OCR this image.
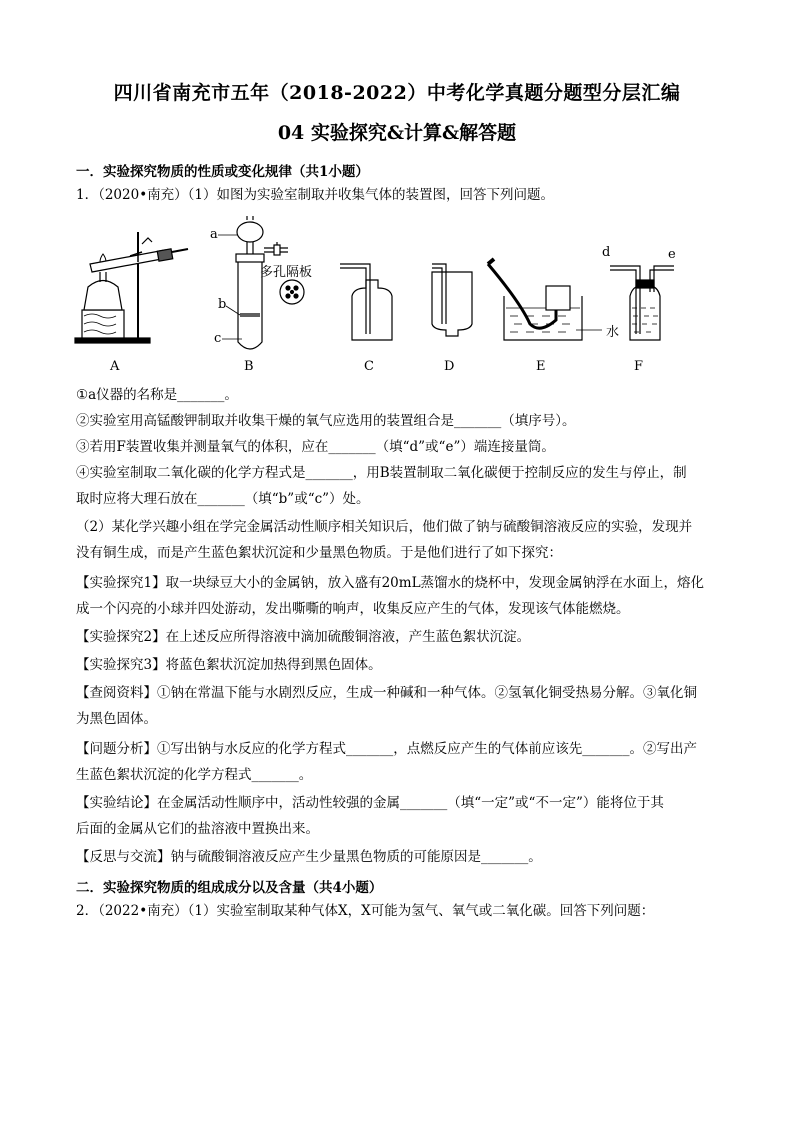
四川省南充市五年（2018-2022）中考化学真题分题型分层汇编
04 实验探究&计算&解答题
一．实验探究物质的性质或变化规律（共1小题）
1．（2020•南充）（1）如图为实验室制取并收集气体的装置图，回答下列问题。
A
a
多孔隔板
b
c
B	C	D	E
水
d	e
F
①a仪器的名称是_______。
②实验室用高锰酸钾制取并收集干燥的氧气应选用的装置组合是_______（填序号）。
③若用F装置收集并测量氧气的体积，应在_______（填“d”或“e”）端连接量筒。
④实验室制取二氧化碳的化学方程式是_______，用B装置制取二氧化碳便于控制反应的发生与停止，制
取时应将大理石放在_______（填“b”或“c”）处。
（2）某化学兴趣小组在学完金属活动性顺序相关知识后，他们做了钠与硫酸铜溶液反应的实验，发现并
没有铜生成，而是产生蓝色絮状沉淀和少量黑色物质。于是他们进行了如下探究：
【实验探究1】取一块绿豆大小的金属钠，放入盛有20mL蒸馏水的烧杯中，发现金属钠浮在水面上，熔化
成一个闪亮的小球并四处游动，发出嘶嘶的响声，收集反应产生的气体，发现该气体能燃烧。
【实验探究2】在上述反应所得溶液中滴加硫酸铜溶液，产生蓝色絮状沉淀。
【实验探究3】将蓝色絮状沉淀加热得到黑色固体。
【查阅资料】①钠在常温下能与水剧烈反应，生成一种碱和一种气体。②氢氧化铜受热易分解。③氧化铜
为黑色固体。
【问题分析】①写出钠与水反应的化学方程式_______，点燃反应产生的气体前应该先_______。②写出产
生蓝色絮状沉淀的化学方程式_______。
【实验结论】在金属活动性顺序中，活动性较强的金属_______（填“一定”或“不一定”）能将位于其
后面的金属从它们的盐溶液中置换出来。
【反思与交流】钠与硫酸铜溶液反应产生少量黑色物质的可能原因是_______。
二．实验探究物质的组成成分以及含量（共4小题）
2．（2022•南充）（1）实验室制取某种气体X，X可能为氢气、氧气或二氧化碳。回答下列问题：
